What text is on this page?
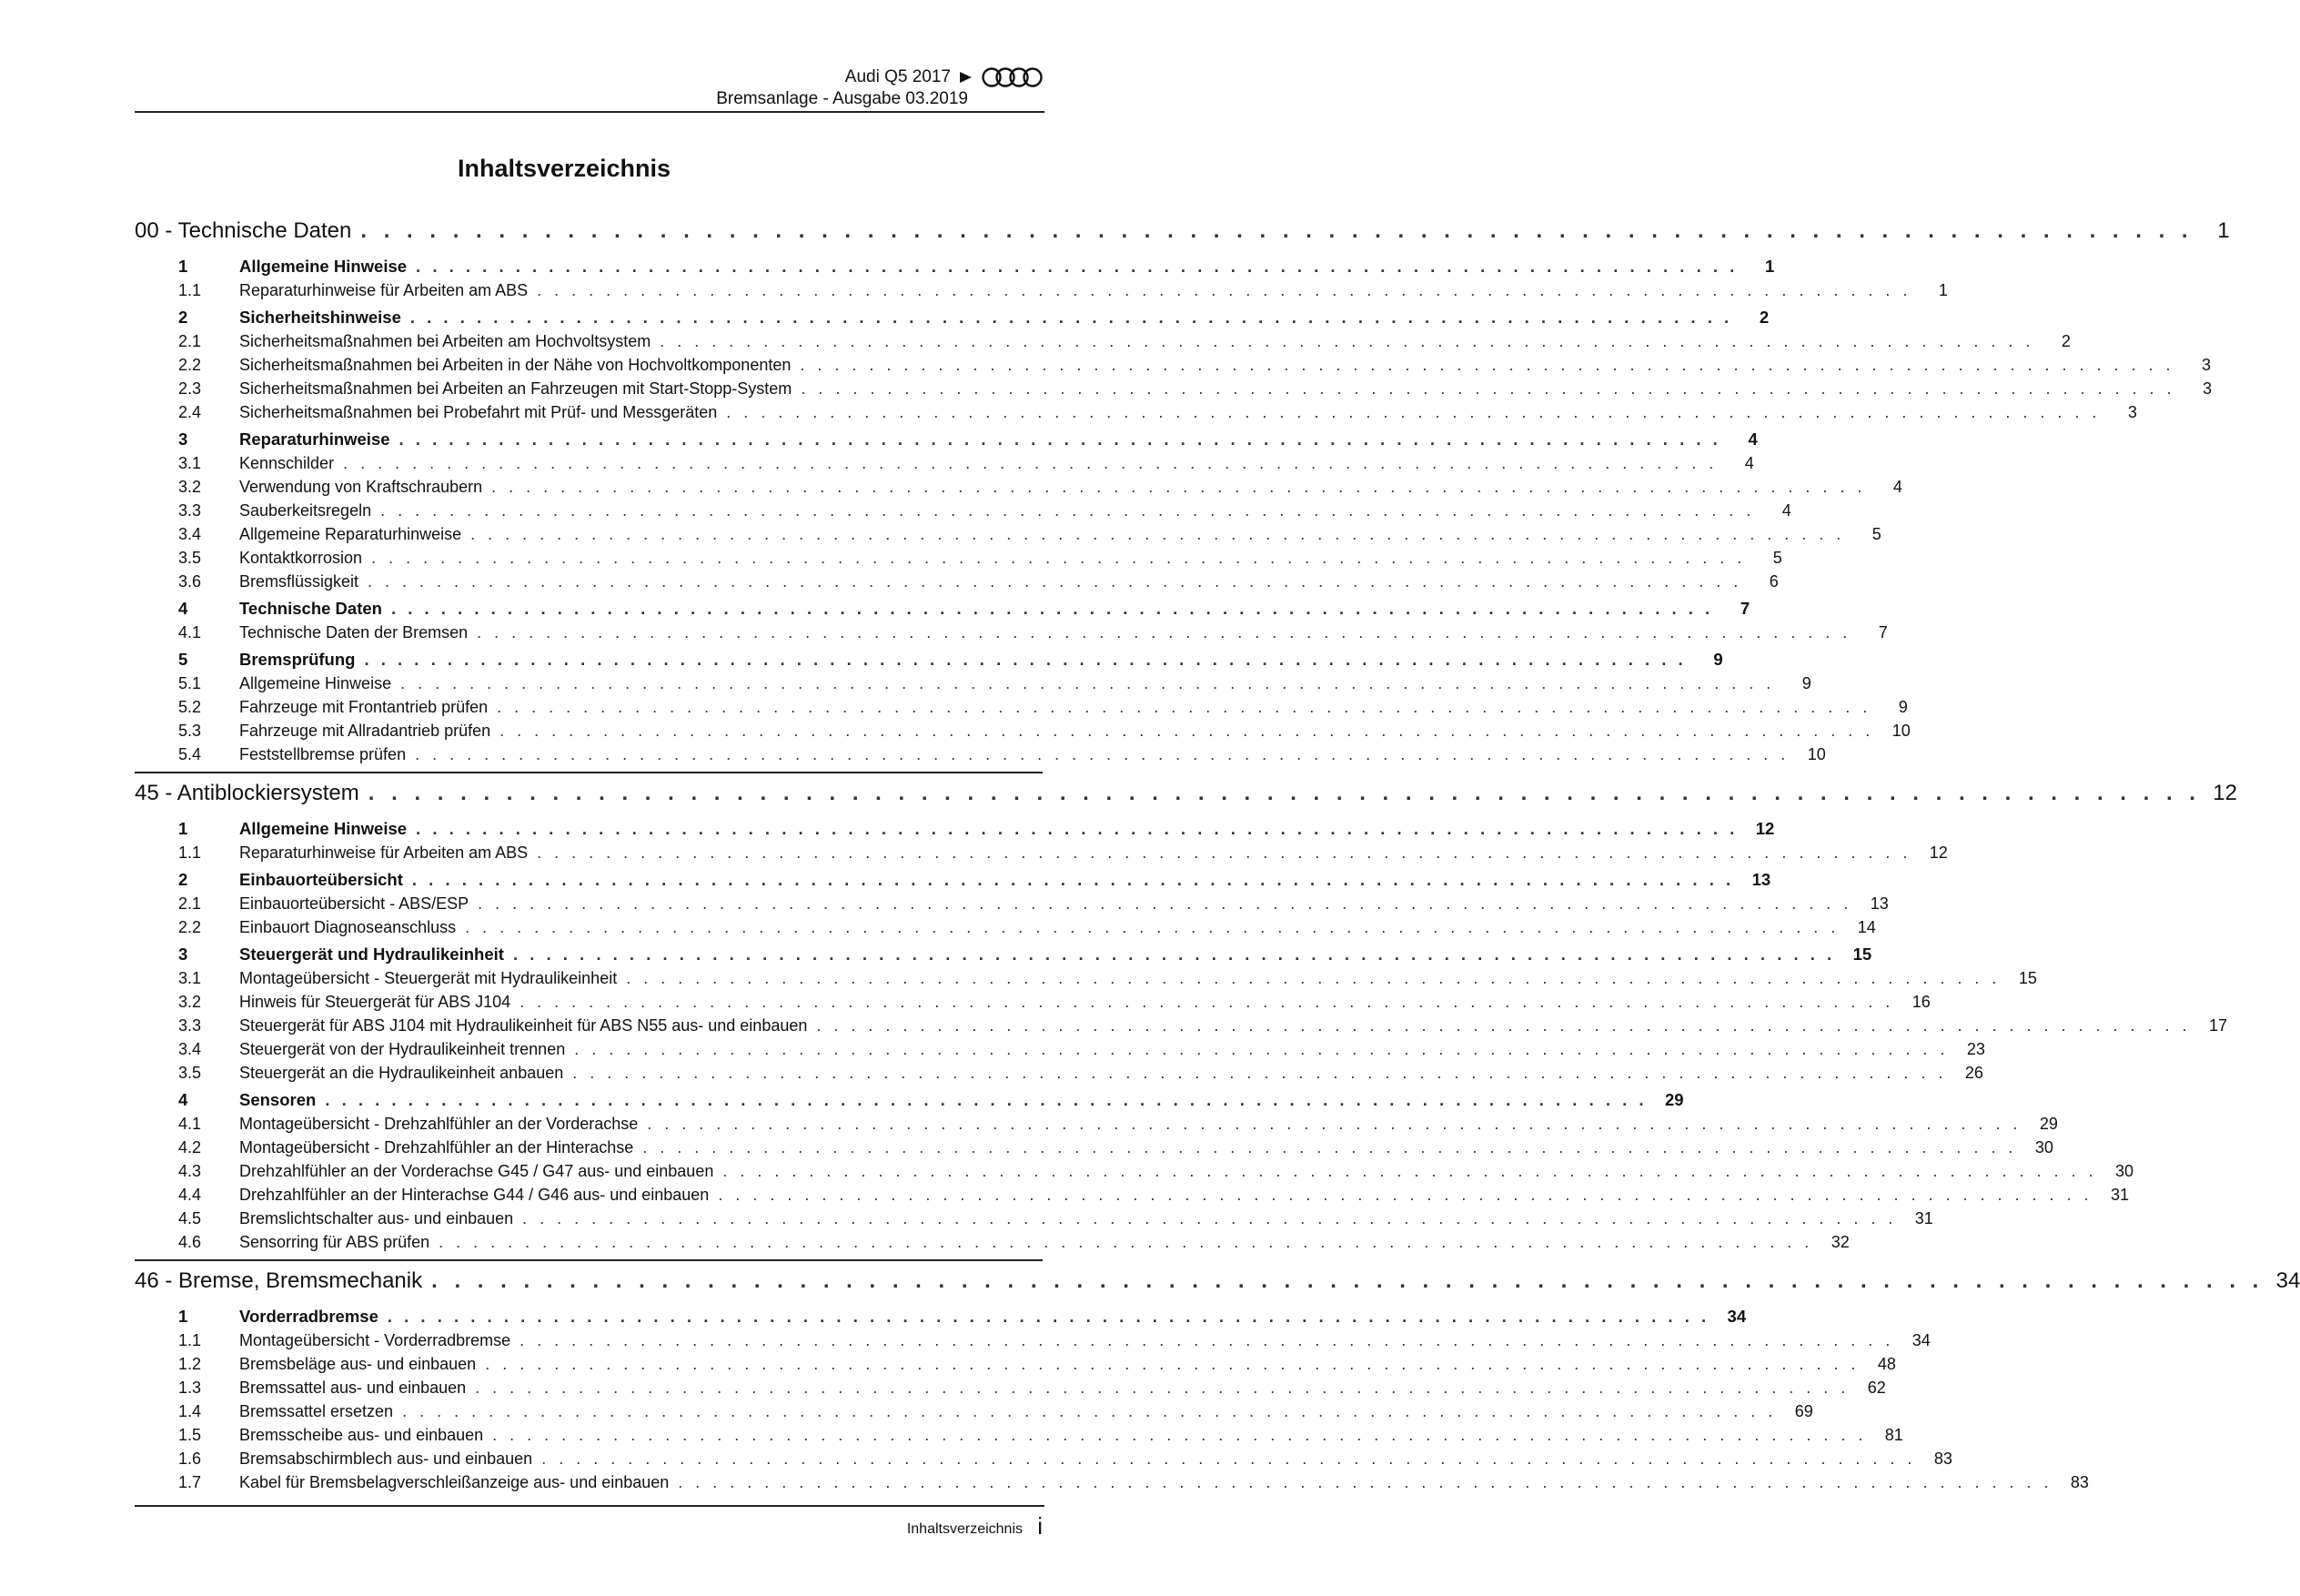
Audi Q5 2017
Bremsanlage - Ausgabe 03.2019
Inhaltsverzeichnis
00 - Technische Daten . . . . . . . . . . . . . . . . . . . . . . . . . . . . . . . . . . . . . . . . . . . . . . . . . . . . . . . . . . . . . . . . . . . . . . . . . . . . . . . .	1
1	Allgemeine Hinweise . . . . . . . . . . . . . . . . . . . . . . . . . . . . . . . . . . . . . . . . . . . . . . . . . . . . . . . . . . . . . . . . . . . . . . . . . . . . . . . .	1
1.1	Reparaturhinweise für Arbeiten am ABS . . . . . . . . . . . . . . . . . . . . . . . . . . . . . . . . . . . . . . . . . . . . . . . . . . . . . . . . . . . . . . . . . . . . . . . . . . . . . . . .	1
2	Sicherheitshinweise . . . . . . . . . . . . . . . . . . . . . . . . . . . . . . . . . . . . . . . . . . . . . . . . . . . . . . . . . . . . . . . . . . . . . . . . . . . . . . . .	2
2.1	Sicherheitsmaßnahmen bei Arbeiten am Hochvoltsystem . . . . . . . . . . . . . . . . . . . . . . . . . . . . . . . . . . . . . . . . . . . . . . . . . . . . . . . . . . . . . . . . . . . . . . . . . . . . . . . .	2
2.2	Sicherheitsmaßnahmen bei Arbeiten in der Nähe von Hochvoltkomponenten . . . . . . . . . . . . . . . . . . . . . . . . . . . . . . . . . . . . . . . . . . . . . . . . . . . . . . . . . . . . . . . . . . . . . . . . . . . . . . . .	3
2.3	Sicherheitsmaßnahmen bei Arbeiten an Fahrzeugen mit Start-Stopp-System . . . . . . . . . . . . . . . . . . . . . . . . . . . . . . . . . . . . . . . . . . . . . . . . . . . . . . . . . . . . . . . . . . . . . . . . . . . . . . . .	3
2.4	Sicherheitsmaßnahmen bei Probefahrt mit Prüf- und Messgeräten . . . . . . . . . . . . . . . . . . . . . . . . . . . . . . . . . . . . . . . . . . . . . . . . . . . . . . . . . . . . . . . . . . . . . . . . . . . . . . . .	3
3	Reparaturhinweise . . . . . . . . . . . . . . . . . . . . . . . . . . . . . . . . . . . . . . . . . . . . . . . . . . . . . . . . . . . . . . . . . . . . . . . . . . . . . . . .	4
3.1	Kennschilder . . . . . . . . . . . . . . . . . . . . . . . . . . . . . . . . . . . . . . . . . . . . . . . . . . . . . . . . . . . . . . . . . . . . . . . . . . . . . . . .	4
3.2	Verwendung von Kraftschraubern . . . . . . . . . . . . . . . . . . . . . . . . . . . . . . . . . . . . . . . . . . . . . . . . . . . . . . . . . . . . . . . . . . . . . . . . . . . . . . . .	4
3.3	Sauberkeitsregeln . . . . . . . . . . . . . . . . . . . . . . . . . . . . . . . . . . . . . . . . . . . . . . . . . . . . . . . . . . . . . . . . . . . . . . . . . . . . . . . .	4
3.4	Allgemeine Reparaturhinweise . . . . . . . . . . . . . . . . . . . . . . . . . . . . . . . . . . . . . . . . . . . . . . . . . . . . . . . . . . . . . . . . . . . . . . . . . . . . . . . .	5
3.5	Kontaktkorrosion . . . . . . . . . . . . . . . . . . . . . . . . . . . . . . . . . . . . . . . . . . . . . . . . . . . . . . . . . . . . . . . . . . . . . . . . . . . . . . . .	5
3.6	Bremsflüssigkeit . . . . . . . . . . . . . . . . . . . . . . . . . . . . . . . . . . . . . . . . . . . . . . . . . . . . . . . . . . . . . . . . . . . . . . . . . . . . . . . .	6
4	Technische Daten . . . . . . . . . . . . . . . . . . . . . . . . . . . . . . . . . . . . . . . . . . . . . . . . . . . . . . . . . . . . . . . . . . . . . . . . . . . . . . . .	7
4.1	Technische Daten der Bremsen . . . . . . . . . . . . . . . . . . . . . . . . . . . . . . . . . . . . . . . . . . . . . . . . . . . . . . . . . . . . . . . . . . . . . . . . . . . . . . . .	7
5	Bremsprüfung . . . . . . . . . . . . . . . . . . . . . . . . . . . . . . . . . . . . . . . . . . . . . . . . . . . . . . . . . . . . . . . . . . . . . . . . . . . . . . . .	9
5.1	Allgemeine Hinweise . . . . . . . . . . . . . . . . . . . . . . . . . . . . . . . . . . . . . . . . . . . . . . . . . . . . . . . . . . . . . . . . . . . . . . . . . . . . . . . .	9
5.2	Fahrzeuge mit Frontantrieb prüfen . . . . . . . . . . . . . . . . . . . . . . . . . . . . . . . . . . . . . . . . . . . . . . . . . . . . . . . . . . . . . . . . . . . . . . . . . . . . . . . .	9
5.3	Fahrzeuge mit Allradantrieb prüfen . . . . . . . . . . . . . . . . . . . . . . . . . . . . . . . . . . . . . . . . . . . . . . . . . . . . . . . . . . . . . . . . . . . . . . . . . . . . . . . .	10
5.4	Feststellbremse prüfen . . . . . . . . . . . . . . . . . . . . . . . . . . . . . . . . . . . . . . . . . . . . . . . . . . . . . . . . . . . . . . . . . . . . . . . . . . . . . . . .	10
45 - Antiblockiersystem . . . . . . . . . . . . . . . . . . . . . . . . . . . . . . . . . . . . . . . . . . . . . . . . . . . . . . . . . . . . . . . . . . . . . . . . . . . . . . . . 12
1	Allgemeine Hinweise . . . . . . . . . . . . . . . . . . . . . . . . . . . . . . . . . . . . . . . . . . . . . . . . . . . . . . . . . . . . . . . . . . . . . . . . . . . . . . . .	12
1.1	Reparaturhinweise für Arbeiten am ABS . . . . . . . . . . . . . . . . . . . . . . . . . . . . . . . . . . . . . . . . . . . . . . . . . . . . . . . . . . . . . . . . . . . . . . . . . . . . . . . .	12
2	Einbauorteübersicht . . . . . . . . . . . . . . . . . . . . . . . . . . . . . . . . . . . . . . . . . . . . . . . . . . . . . . . . . . . . . . . . . . . . . . . . . . . . . . . .	13
2.1	Einbauorteübersicht - ABS/ESP . . . . . . . . . . . . . . . . . . . . . . . . . . . . . . . . . . . . . . . . . . . . . . . . . . . . . . . . . . . . . . . . . . . . . . . . . . . . . . . .	13
2.2	Einbauort Diagnoseanschluss . . . . . . . . . . . . . . . . . . . . . . . . . . . . . . . . . . . . . . . . . . . . . . . . . . . . . . . . . . . . . . . . . . . . . . . . . . . . . . . .	14
3	Steuergerät und Hydraulikeinheit . . . . . . . . . . . . . . . . . . . . . . . . . . . . . . . . . . . . . . . . . . . . . . . . . . . . . . . . . . . . . . . . . . . . . . . . . . . . . . . .	15
3.1	Montageübersicht - Steuergerät mit Hydraulikeinheit . . . . . . . . . . . . . . . . . . . . . . . . . . . . . . . . . . . . . . . . . . . . . . . . . . . . . . . . . . . . . . . . . . . . . . . . . . . . . . . .	15
3.2	Hinweis für Steuergerät für ABS J104 . . . . . . . . . . . . . . . . . . . . . . . . . . . . . . . . . . . . . . . . . . . . . . . . . . . . . . . . . . . . . . . . . . . . . . . . . . . . . . . .	16
3.3	Steuergerät für ABS J104 mit Hydraulikeinheit für ABS N55 aus- und einbauen . . . . . . . . . . . . . . . . . . . . . . . . . . . . . . . . . . . . . . . . . . . . . . . . . . . . . . . . . . . . . . . . . . . . . . . . . . . . . . . .	17
3.4	Steuergerät von der Hydraulikeinheit trennen . . . . . . . . . . . . . . . . . . . . . . . . . . . . . . . . . . . . . . . . . . . . . . . . . . . . . . . . . . . . . . . . . . . . . . . . . . . . . . . .	23
3.5	Steuergerät an die Hydraulikeinheit anbauen . . . . . . . . . . . . . . . . . . . . . . . . . . . . . . . . . . . . . . . . . . . . . . . . . . . . . . . . . . . . . . . . . . . . . . . . . . . . . . . .	26
4	Sensoren . . . . . . . . . . . . . . . . . . . . . . . . . . . . . . . . . . . . . . . . . . . . . . . . . . . . . . . . . . . . . . . . . . . . . . . . . . . . . . . .	29
4.1	Montageübersicht - Drehzahlfühler an der Vorderachse . . . . . . . . . . . . . . . . . . . . . . . . . . . . . . . . . . . . . . . . . . . . . . . . . . . . . . . . . . . . . . . . . . . . . . . . . . . . . . . .	29
4.2	Montageübersicht - Drehzahlfühler an der Hinterachse . . . . . . . . . . . . . . . . . . . . . . . . . . . . . . . . . . . . . . . . . . . . . . . . . . . . . . . . . . . . . . . . . . . . . . . . . . . . . . . .	30
4.3	Drehzahlfühler an der Vorderachse G45 / G47 aus- und einbauen . . . . . . . . . . . . . . . . . . . . . . . . . . . . . . . . . . . . . . . . . . . . . . . . . . . . . . . . . . . . . . . . . . . . . . . . . . . . . . . .	30
4.4	Drehzahlfühler an der Hinterachse G44 / G46 aus- und einbauen . . . . . . . . . . . . . . . . . . . . . . . . . . . . . . . . . . . . . . . . . . . . . . . . . . . . . . . . . . . . . . . . . . . . . . . . . . . . . . . .	31
4.5	Bremslichtschalter aus- und einbauen . . . . . . . . . . . . . . . . . . . . . . . . . . . . . . . . . . . . . . . . . . . . . . . . . . . . . . . . . . . . . . . . . . . . . . . . . . . . . . . .	31
4.6	Sensorring für ABS prüfen . . . . . . . . . . . . . . . . . . . . . . . . . . . . . . . . . . . . . . . . . . . . . . . . . . . . . . . . . . . . . . . . . . . . . . . . . . . . . . . .	32
46 - Bremse, Bremsmechanik . . . . . . . . . . . . . . . . . . . . . . . . . . . . . . . . . . . . . . . . . . . . . . . . . . . . . . . . . . . . . . . . . . . . . . . . . . . . . . . . 34
1	Vorderradbremse . . . . . . . . . . . . . . . . . . . . . . . . . . . . . . . . . . . . . . . . . . . . . . . . . . . . . . . . . . . . . . . . . . . . . . . . . . . . . . . .	34
1.1	Montageübersicht - Vorderradbremse . . . . . . . . . . . . . . . . . . . . . . . . . . . . . . . . . . . . . . . . . . . . . . . . . . . . . . . . . . . . . . . . . . . . . . . . . . . . . . . .	34
1.2	Bremsbeläge aus- und einbauen . . . . . . . . . . . . . . . . . . . . . . . . . . . . . . . . . . . . . . . . . . . . . . . . . . . . . . . . . . . . . . . . . . . . . . . . . . . . . . . .	48
1.3	Bremssattel aus- und einbauen . . . . . . . . . . . . . . . . . . . . . . . . . . . . . . . . . . . . . . . . . . . . . . . . . . . . . . . . . . . . . . . . . . . . . . . . . . . . . . . .	62
1.4	Bremssattel ersetzen . . . . . . . . . . . . . . . . . . . . . . . . . . . . . . . . . . . . . . . . . . . . . . . . . . . . . . . . . . . . . . . . . . . . . . . . . . . . . . . .	69
1.5	Bremsscheibe aus- und einbauen . . . . . . . . . . . . . . . . . . . . . . . . . . . . . . . . . . . . . . . . . . . . . . . . . . . . . . . . . . . . . . . . . . . . . . . . . . . . . . . .	81
1.6	Bremsabschirmblech aus- und einbauen . . . . . . . . . . . . . . . . . . . . . . . . . . . . . . . . . . . . . . . . . . . . . . . . . . . . . . . . . . . . . . . . . . . . . . . . . . . . . . . .	83
1.7	Kabel für Bremsbelagverschleißanzeige aus- und einbauen . . . . . . . . . . . . . . . . . . . . . . . . . . . . . . . . . . . . . . . . . . . . . . . . . . . . . . . . . . . . . . . . . . . . . . . . . . . . . . . .	83
Inhaltsverzeichnis i
